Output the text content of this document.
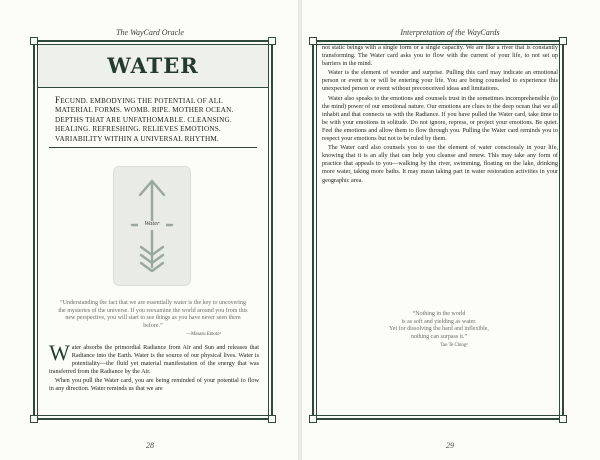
The WayCard Oracle
WATER
FECUND. EMBODYING THE POTENTIAL OF ALL MATERIAL FORMS. WOMB. RIPE. MOTHER OCEAN. DEPTHS THAT ARE UNFATHOMABLE. CLEANSING. HEALING. REFRESHING. RELIEVES EMOTIONS. VARIABILITY WITHIN A UNIVERSAL RHYTHM.
Water
“Understanding the fact that we are essentially water is the key to uncovering the mysteries of the universe. If you reexamine the world around you from this new perspective, you will start to see things as you have never seen them before.”
—Masaru Emoto¹
W ater absorbs the primordial Radiance from Air and Sun and releases that Radiance into the Earth. Water is the source of our physical lives. Water is potentiality—the fluid yet material manifestation of the energy that was transferred from the Radiance by the Air.

When you pull the Water card, you are being reminded of your potential to flow in any direction. Water reminds us that we are

28
Interpretation of the WayCards

not static beings with a single form or a single capacity. We are like a river that is constantly transforming. The Water card asks you to flow with the current of your life, to not set up barriers in the mind.

Water is the element of wonder and surprise. Pulling this card may indicate an emotional person or event is or will be entering your life. You are being counseled to experience this unexpected person or event without preconceived ideas and limitations.

Water also speaks to the emotions and counsels trust in the sometimes incomprehensible (to the mind) power of our emotional nature. Our emotions are clues to the deep ocean that we all inhabit and that connects us with the Radiance. If you have pulled the Water card, take time to be with your emotions in solitude. Do not ignore, repress, or project your emotions. Be quiet. Feel the emotions and allow them to flow through you. Pulling the Water card reminds you to respect your emotions but not to be ruled by them.

The Water card also counsels you to use the element of water consciously in your life, knowing that it is an ally that can help you cleanse and renew. This may take any form of practice that appeals to you—walking by the river, swimming, floating on the lake, drinking more water, taking more baths. It may mean taking part in water restoration activities in your geographic area.

“Nothing in the world
is as soft and yielding as water.
Yet for dissolving the hard and inflexible,
nothing can surpass it.”
Tao Te Ching²
29
